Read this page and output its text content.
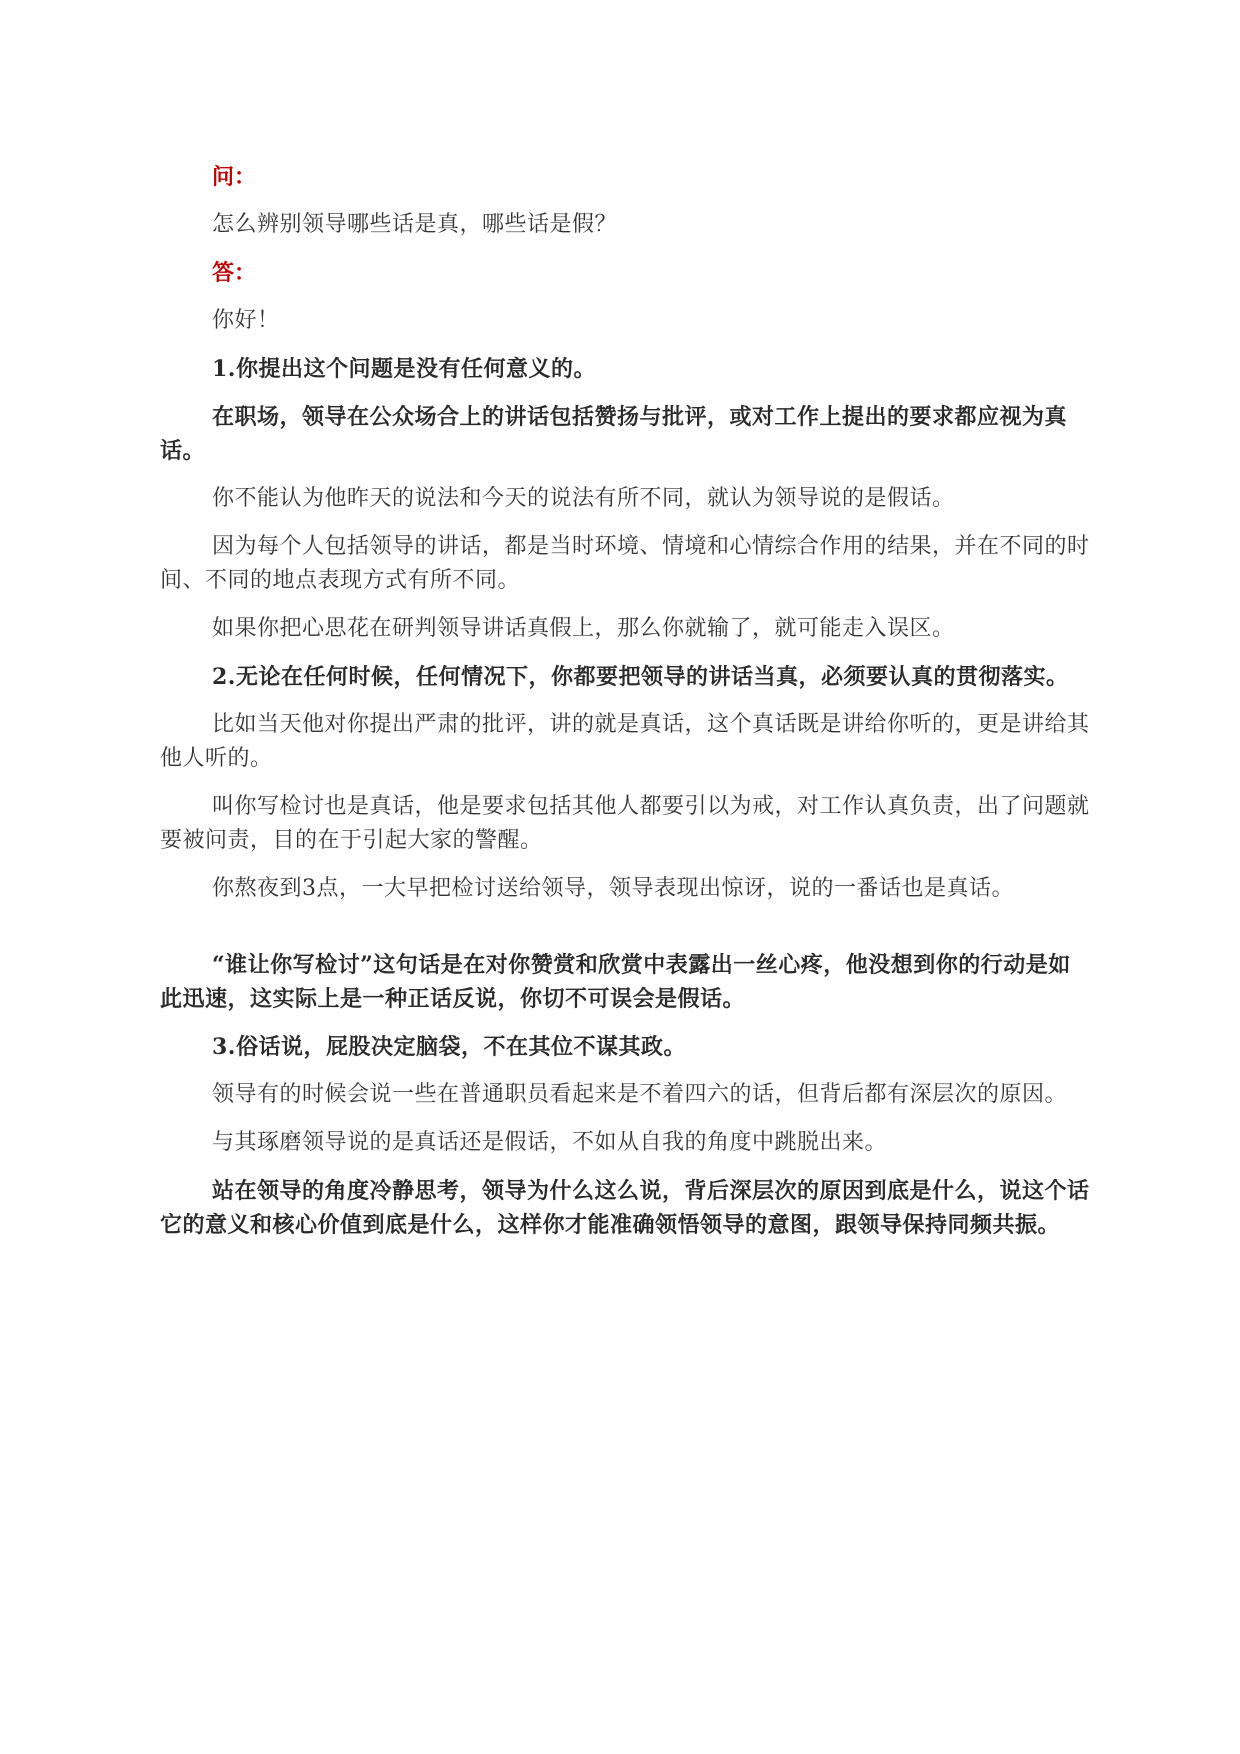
问：

怎么辨别领导哪些话是真，哪些话是假？

答：

你好！

1.你提出这个问题是没有任何意义的。

在职场，领导在公众场合上的讲话包括赞扬与批评，或对工作上提出的要求都应视为真话。

你不能认为他昨天的说法和今天的说法有所不同，就认为领导说的是假话。

因为每个人包括领导的讲话，都是当时环境、情境和心情综合作用的结果，并在不同的时间、不同的地点表现方式有所不同。

如果你把心思花在研判领导讲话真假上，那么你就输了，就可能走入误区。

2.无论在任何时候，任何情况下，你都要把领导的讲话当真，必须要认真的贯彻落实。

比如当天他对你提出严肃的批评，讲的就是真话，这个真话既是讲给你听的，更是讲给其他人听的。

叫你写检讨也是真话，他是要求包括其他人都要引以为戒，对工作认真负责，出了问题就要被问责，目的在于引起大家的警醒。

你熬夜到3点，一大早把检讨送给领导，领导表现出惊讶，说的一番话也是真话。

“谁让你写检讨”这句话是在对你赞赏和欣赏中表露出一丝心疼，他没想到你的行动是如此迅速，这实际上是一种正话反说，你切不可误会是假话。

3.俗话说，屁股决定脑袋，不在其位不谋其政。

领导有的时候会说一些在普通职员看起来是不着四六的话，但背后都有深层次的原因。

与其琢磨领导说的是真话还是假话，不如从自我的角度中跳脱出来。

站在领导的角度冷静思考，领导为什么这么说，背后深层次的原因到底是什么，说这个话它的意义和核心价值到底是什么，这样你才能准确领悟领导的意图，跟领导保持同频共振。
